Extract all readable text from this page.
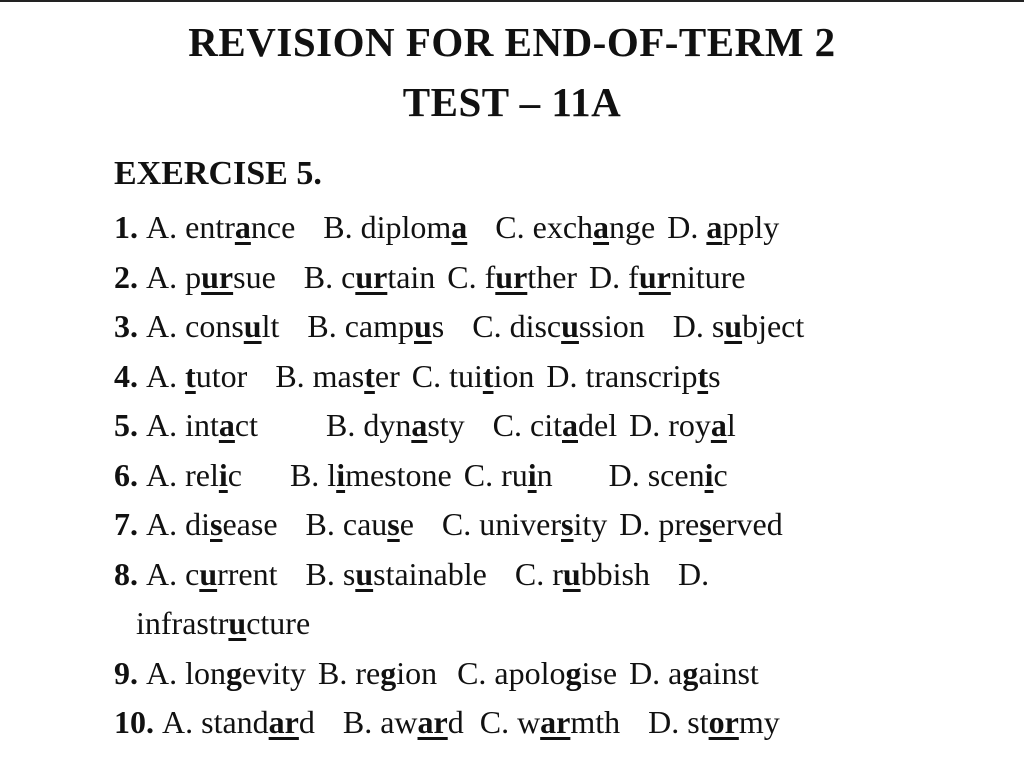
REVISION FOR END-OF-TERM 2
TEST – 11A
EXERCISE 5.
1. A. entrance B. diploma C. exchange D. apply
2. A. pursue B. curtain C. further D. furniture
3. A. consult B. campus C. discussion D. subject
4. A. tutor B. master C. tuition D. transcripts
5. A. intact B. dynasty C. citadel D. royal
6. A. relic B. limestone C. ruin D. scenic
7. A. disease B. cause C. university D. preserved
8. A. current B. sustainable C. rubbish D.
infrastructure
9. A. longevity B. region C. apologise D. against
10. A. standard B. award C. warmth D. stormy
